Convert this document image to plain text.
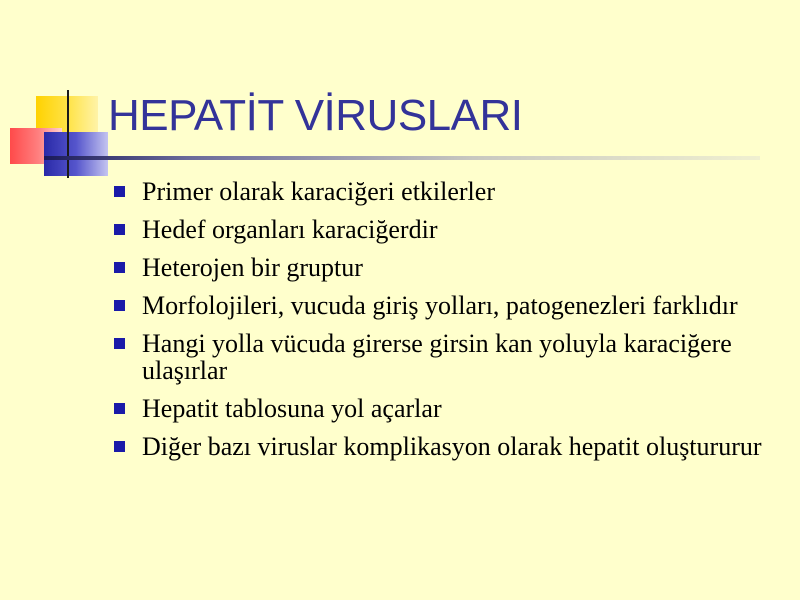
HEPATİT VİRUSLARI
Primer olarak karaciğeri etkilerler
Hedef organları karaciğerdir
Heterojen bir gruptur
Morfolojileri, vucuda giriş yolları, patogenezleri farklıdır
Hangi yolla vücuda girerse girsin kan yoluyla karaciğere ulaşırlar
Hepatit tablosuna yol açarlar
Diğer bazı viruslar komplikasyon olarak hepatit oluştururur
